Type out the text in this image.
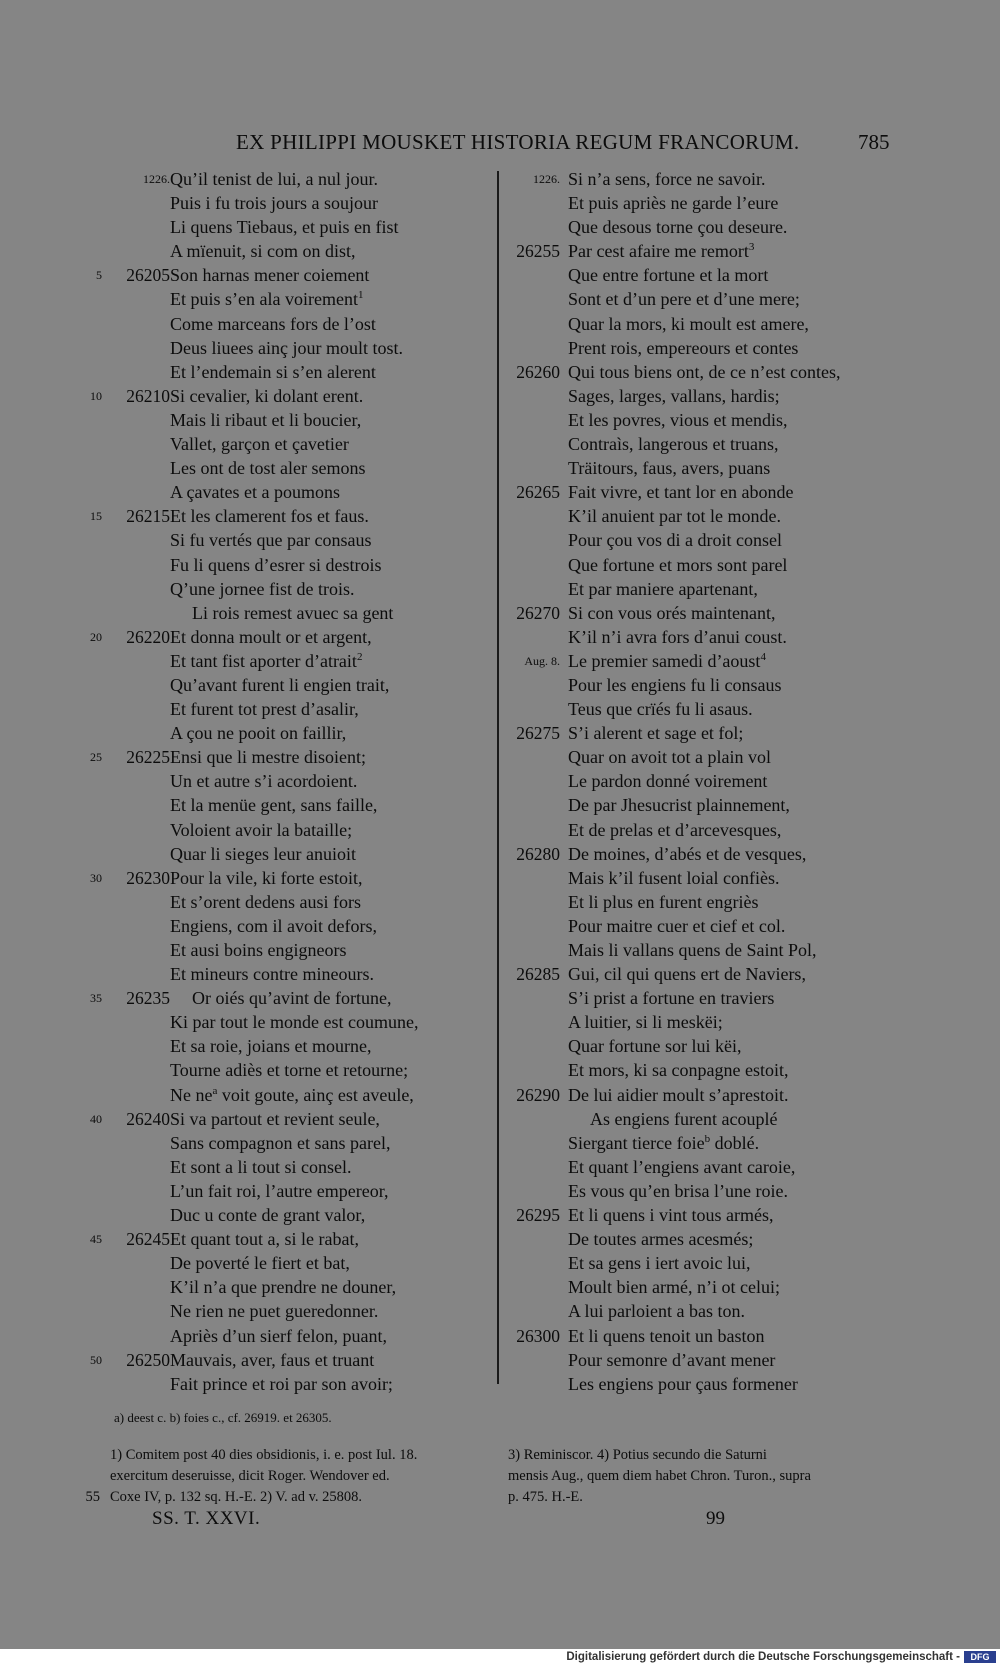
EX PHILIPPI MOUSKET HISTORIA REGUM FRANCORUM.	785
1226. Qu’il tenist de lui, a nul jour.
Puis i fu trois jours a soujour
Li quens Tiebaus, et puis en fist
A mïenuit, si com on dist,
5	26205 Son harnas mener coiement
Et puis s’en ala voirement$^1$
Come marceans fors de l’ost
Deus liuees ainç jour moult tost.
Et l’endemain si s’en alerent
10	26210 Si cevalier, ki dolant erent.
Mais li ribaut et li boucier,
Vallet, garçon et çavetier
Les ont de tost aler semons
A çavates et a poumons
15	26215 Et les clamerent fos et faus.
Si fu vertés que par consaus
Fu li quens d’esrer si destrois
Q’une jornee fist de trois.
Li rois remest avuec sa gent
20	26220 Et donna moult or et argent,
Et tant fist aporter d’atrait$^2$
Qu’avant furent li engien trait,
Et furent tot prest d’asalir,
A çou ne pooit on faillir,
25	26225 Ensi que li mestre disoient;
Un et autre s’i acordoient.
Et la menüe gent, sans faille,
Voloient avoir la bataille;
Quar li sieges leur anuioit
30	26230 Pour la vile, ki forte estoit,
Et s’orent dedens ausi fors
Engiens, com il avoit defors,
Et ausi boins engigneors
Et mineurs contre mineours.
35	26235	Or oiés qu’avint de fortune,
Ki par tout le monde est coumune,
Et sa roie, joians et mourne,
Tourne adiès et torne et retourne;
Ne $ne^a$ voit goute, ainç est aveule,
40	26240 Si va partout et revient seule,
Sans compagnon et sans parel,
Et sont a li tout si consel.
L’un fait roi, l’autre empereor,
Duc u conte de grant valor,
45	26245 Et quant tout a, si le rabat,
De poverté le fiert et bat,
K’il n’a que prendre ne douner,
Ne rien ne puet gueredonner.
Apriès d’un sierf felon, puant,
50	26250 Mauvais, aver, faus et truant
Fait prince et roi par son avoir;
1226. Si n’a sens, force ne savoir.
Et puis apriès ne garde l’eure
Que desous torne çou deseure.
26255 Par cest afaire me remort$^3$
Que entre fortune et la mort
Sont et d’un pere et d’une mere;
Quar la mors, ki moult est amere,
Prent rois, empereours et contes
26260 Qui tous biens ont, de ce n’est contes,
Sages, larges, vallans, hardis;
Et les povres, vious et mendis,
Contraìs, langerous et truans,
Träitours, faus, avers, puans
26265 Fait vivre, et tant lor en abonde
K’il anuient par tot le monde.
Pour çou vos di a droit consel
Que fortune et mors sont parel
Et par maniere apartenant,
26270 Si con vous orés maintenant,
K’il n’i avra fors d’anui coust.
Aug. 8. Le premier samedi d’aoust$^4$
Pour les engiens fu li consaus
Teus que crïés fu li asaus.
26275 S’i alerent et sage et fol;
Quar on avoit tot a plain vol
Le pardon donné voirement
De par Jhesucrist plainnement,
Et de prelas et d’arcevesques,
26280 De moines, d’abés et de vesques,
Mais k’il fusent loial confiès.
Et li plus en furent engriès
Pour maitre cuer et cief et col.
Mais li vallans quens de Saint Pol,
26285 Gui, cil qui quens ert de Naviers,
S’i prist a fortune en traviers
A luitier, si li meskëi;
Quar fortune sor lui këi,
Et mors, ki sa conpagne estoit,
26290 De lui aidier moult s’aprestoit.
As engiens furent acouplé
Siergant tierce foie$^b$ doblé.
Et quant l’engiens avant caroie,
Es vous qu’en brisa l’une roie.
26295 Et li quens i vint tous armés,
De toutes armes acesmés;
Et sa gens i iert avoic lui,
Moult bien armé, n’i ot celui;
A lui parloient a bas ton.
26300 Et li quens tenoit un baston
Pour semonre d’avant mener
Les engiens pour çaus formener
a) deest c. b) foies c., cf. 26919. et 26305.
1) Comitem post 40 dies obsidionis, i. e. post Iul. 18.
exercitum deseruisse, dicit Roger. Wendover ed.
55 Coxe IV, p. 132 sq. H.-E. 2) V. ad v. 25808.
3) Reminiscor. 4) Potius secundo die Saturni
mensis Aug., quem diem habet Chron. Turon., supra
p. 475. H.-E.
SS. T. XXVI.	99
Digitalisierung gefördert durch die Deutsche Forschungsgemeinschaft -	DFG
